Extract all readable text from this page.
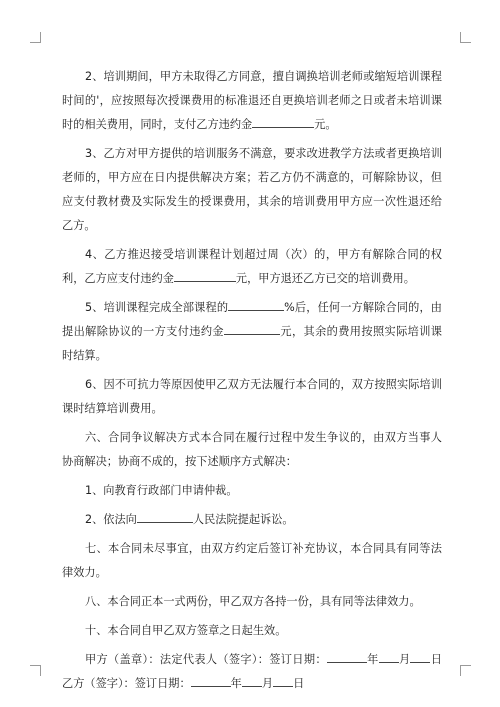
2、培训期间，甲方未取得乙方同意，擅自调换培训老师或缩短培训课程时间的'，应按照每次授课费用的标准退还自更换培训老师之日或者未培训课时的相关费用，同时，支付乙方违约金	元。

3、乙方对甲方提供的培训服务不满意，要求改进教学方法或者更换培训老师的，甲方应在日内提供解决方案；若乙方仍不满意的，可解除协议，但应支付教材费及实际发生的授课费用，其余的培训费用甲方应一次性退还给乙方。

4、乙方推迟接受培训课程计划超过周（次）的，甲方有解除合同的权利，乙方应支付违约金	元，甲方退还乙方已交的培训费用。

5、培训课程完成全部课程的	%后，任何一方解除合同的，由提出解除协议的一方支付违约金	元，其余的费用按照实际培训课时结算。

6、因不可抗力等原因使甲乙双方无法履行本合同的，双方按照实际培训课时结算培训费用。

六、合同争议解决方式本合同在履行过程中发生争议的，由双方当事人协商解决；协商不成的，按下述顺序方式解决：

1、向教育行政部门申请仲裁。

2、依法向	人民法院提起诉讼。

七、本合同未尽事宜，由双方约定后签订补充协议，本合同具有同等法律效力。

八、本合同正本一式两份，甲乙双方各持一份，具有同等法律效力。

十、本合同自甲乙双方签章之日起生效。

甲方（盖章）：法定代表人（签字）：签订日期：	年 月 日乙方（签字）：签订日期：	年 月 日
